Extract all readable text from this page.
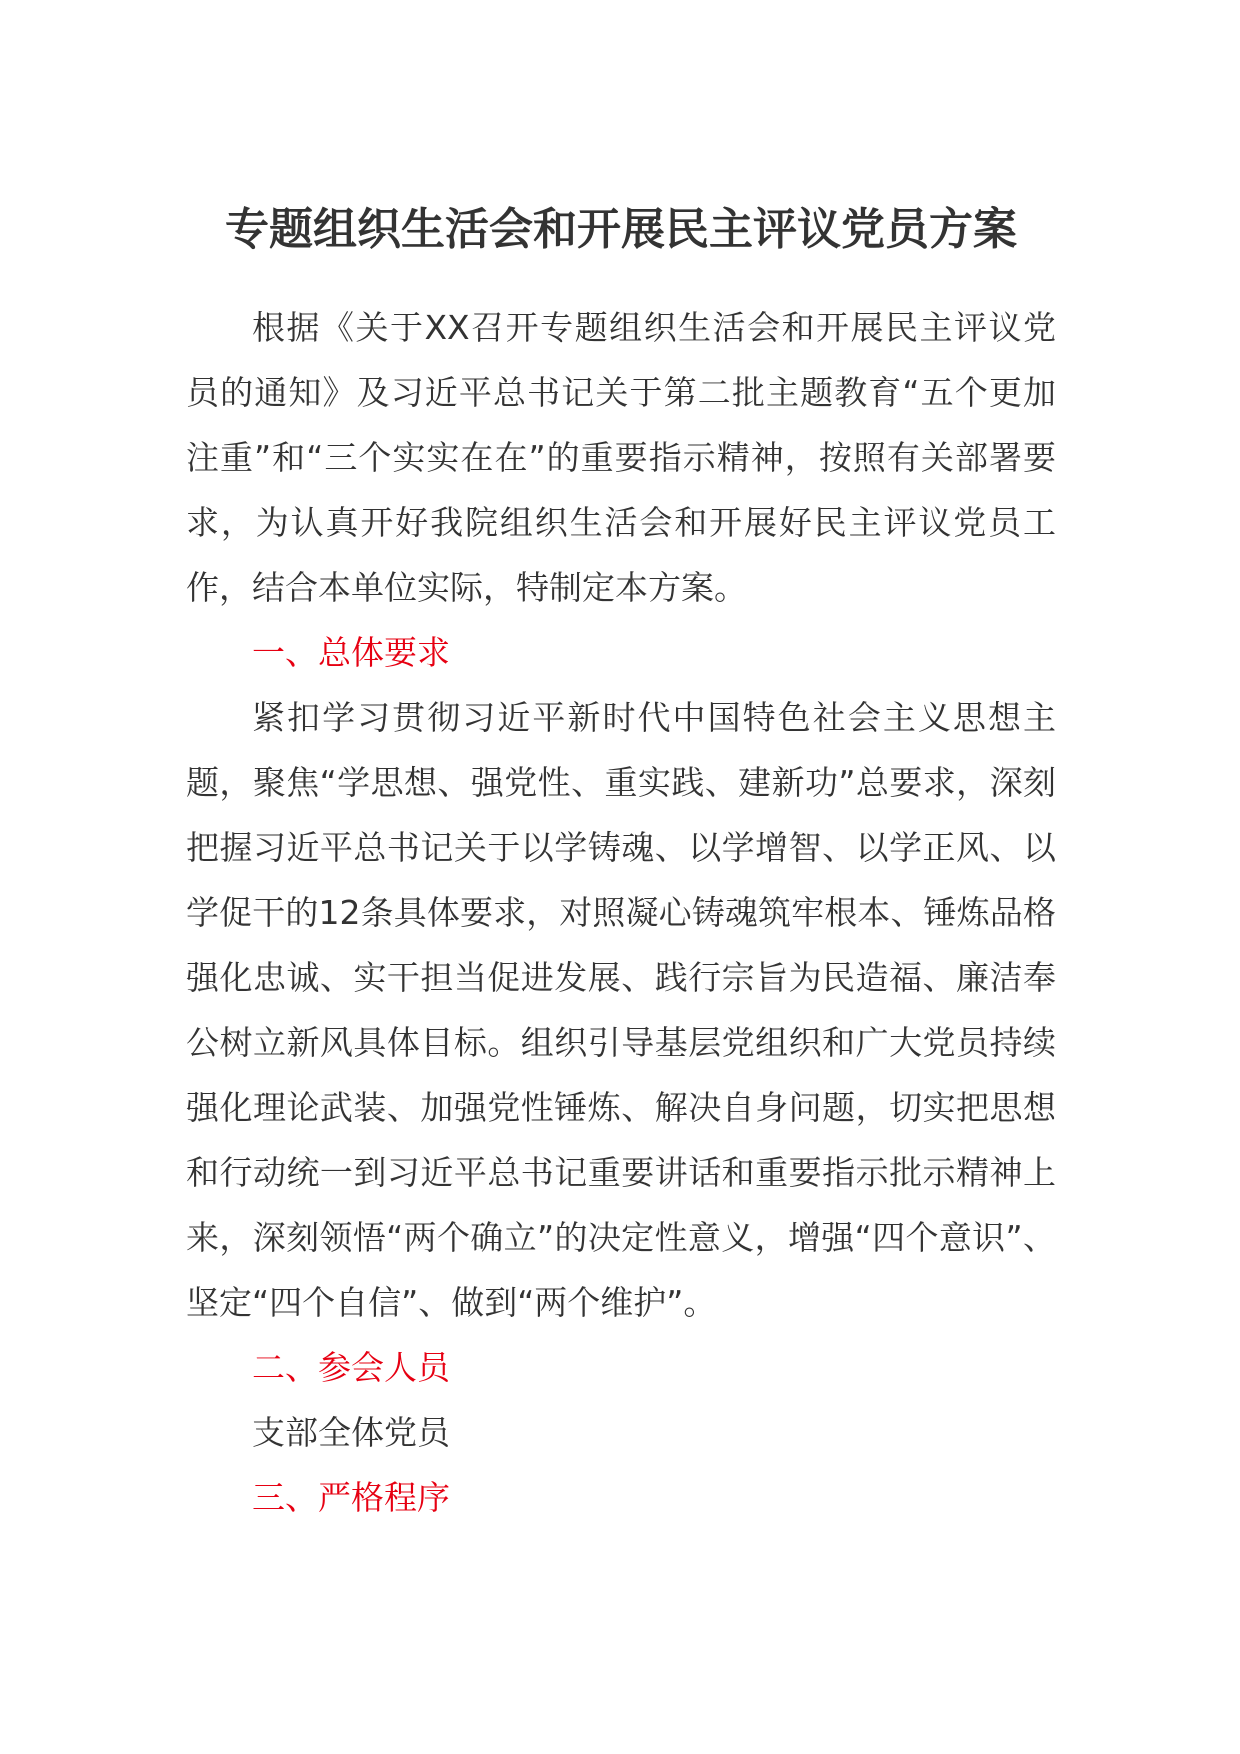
专题组织生活会和开展民主评议党员方案

根据《关于XX召开专题组织生活会和开展民主评议党员的通知》及习近平总书记关于第二批主题教育“五个更加注重”和“三个实实在在”的重要指示精神，按照有关部署要求，为认真开好我院组织生活会和开展好民主评议党员工作，结合本单位实际，特制定本方案。

一、总体要求

紧扣学习贯彻习近平新时代中国特色社会主义思想主题，聚焦“学思想、强党性、重实践、建新功”总要求，深刻把握习近平总书记关于以学铸魂、以学增智、以学正风、以学促干的12条具体要求，对照凝心铸魂筑牢根本、锤炼品格强化忠诚、实干担当促进发展、践行宗旨为民造福、廉洁奉公树立新风具体目标。组织引导基层党组织和广大党员持续强化理论武装、加强党性锤炼、解决自身问题，切实把思想和行动统一到习近平总书记重要讲话和重要指示批示精神上来，深刻领悟“两个确立”的决定性意义，增强“四个意识”、坚定“四个自信”、做到“两个维护”。

二、参会人员

支部全体党员

三、严格程序
